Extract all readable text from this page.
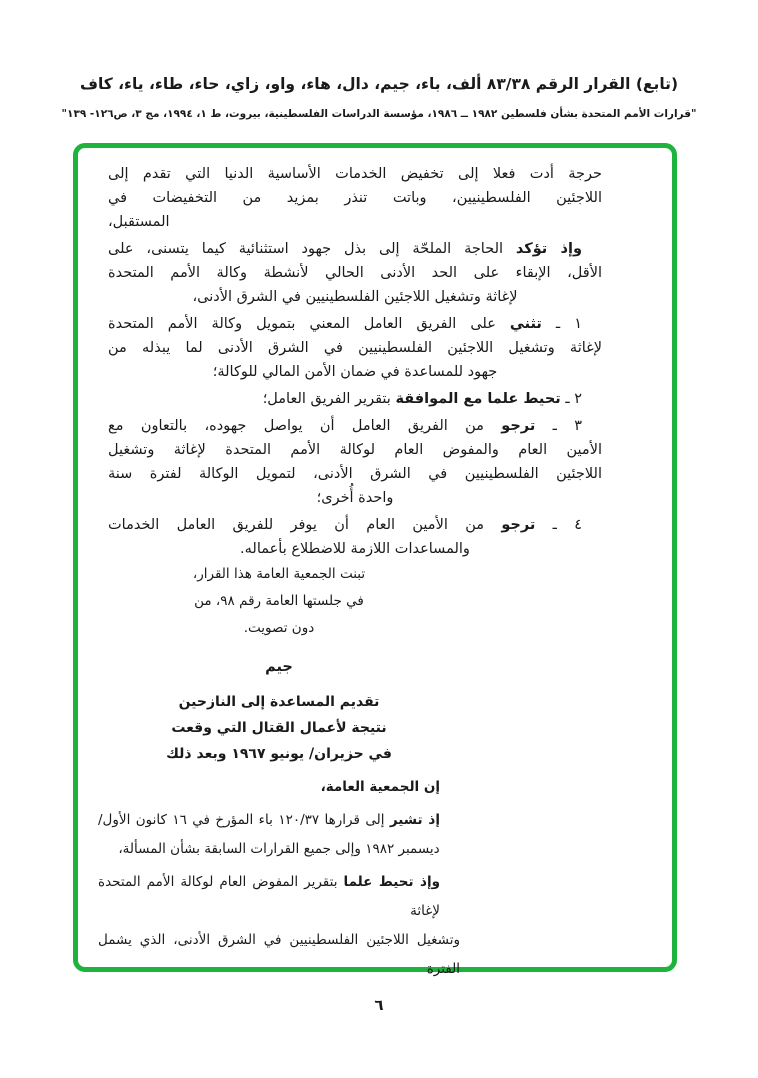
(تابع) القرار الرقم ٨٣/٣٨ ألف، باء، جيم، دال، هاء، واو، زاي، حاء، طاء، ياء، كاف
"قرارات الأمم المتحدة بشأن فلسطين ١٩٨٢ ــ ١٩٨٦، مؤسسة الدراسات الفلسطينية، بيروت، ط ١، ١٩٩٤، مج ٣، ص١٢٦- ١٣٩"
حرجة أدت فعلا إلى تخفيض الخدمات الأساسية الدنيا التي تقدم إلى
اللاجئين الفلسطينيين، وباتت تنذر بمزيد من التخفيضات في
المستقبل،
وإذ تؤكد الحاجة الملحّة إلى بذل جهود استثنائية كيما يتسنى، على
الأقل، الإبقاء على الحد الأدنى الحالي لأنشطة وكالة الأمم المتحدة
لإغاثة وتشغيل اللاجئين الفلسطينيين في الشرق الأدنى،
١ ـ تثني على الفريق العامل المعني بتمويل وكالة الأمم المتحدة
لإغاثة وتشغيل اللاجئين الفلسطينيين في الشرق الأدنى لما يبذله من
جهود للمساعدة في ضمان الأمن المالي للوكالة؛
٢ ـ تحيط علما مع الموافقة بتقرير الفريق العامل؛
٣ ـ ترجو من الفريق العامل أن يواصل جهوده، بالتعاون مع
الأمين العام والمفوض العام لوكالة الأمم المتحدة لإغاثة وتشغيل
اللاجئين الفلسطينيين في الشرق الأدنى، لتمويل الوكالة لفترة سنة
واحدة أُخرى؛
٤ ـ ترجو من الأمين العام أن يوفر للفريق العامل الخدمات
والمساعدات اللازمة للاضطلاع بأعماله.
تبنت الجمعية العامة هذا القرار،
في جلستها العامة رقم ٩٨، من
دون تصويت.
جيم
تقديم المساعدة إلى النازحين
نتيجة لأعمال القتال التي وقعت
في حزيران/ يونيو ١٩٦٧ وبعد ذلك
إن الجمعية العامة،
إذ تشير إلى قرارها ١٢٠/٣٧ باء المؤرخ في ١٦ كانون الأول/
ديسمبر ١٩٨٢ وإلى جميع القرارات السابقة بشأن المسألة،
وإذ تحيط علما بتقرير المفوض العام لوكالة الأمم المتحدة لإغاثة
وتشغيل اللاجئين الفلسطينيين في الشرق الأدنى، الذي يشمل الفترة
٦
